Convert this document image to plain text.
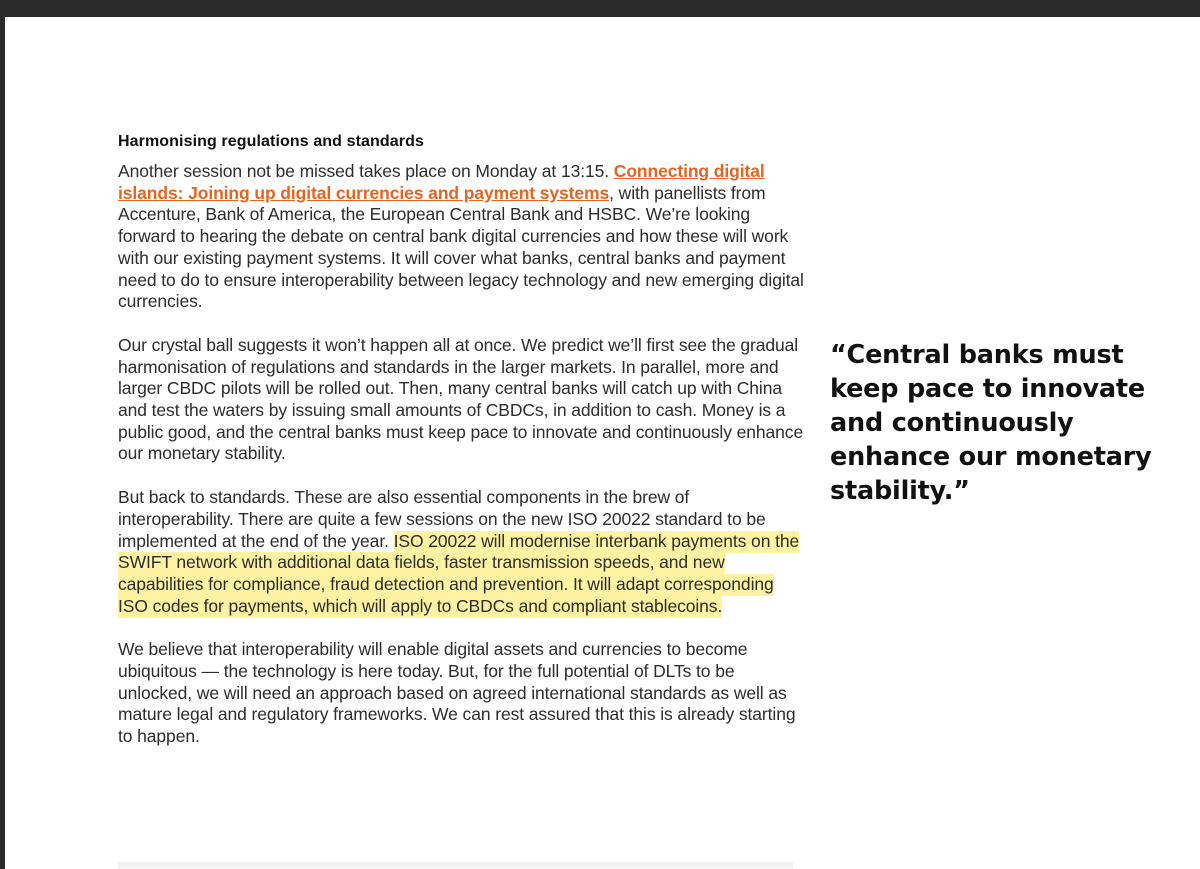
Harmonising regulations and standards

Another session not be missed takes place on Monday at 13:15. Connecting digital islands: Joining up digital currencies and payment systems, with panellists from Accenture, Bank of America, the European Central Bank and HSBC. We’re looking forward to hearing the debate on central bank digital currencies and how these will work with our existing payment systems. It will cover what banks, central banks and payment need to do to ensure interoperability between legacy technology and new emerging digital currencies.

Our crystal ball suggests it won’t happen all at once. We predict we’ll first see the gradual harmonisation of regulations and standards in the larger markets. In parallel, more and larger CBDC pilots will be rolled out. Then, many central banks will catch up with China and test the waters by issuing small amounts of CBDCs, in addition to cash. Money is a public good, and the central banks must keep pace to innovate and continuously enhance our monetary stability.

But back to standards. These are also essential components in the brew of interoperability. There are quite a few sessions on the new ISO 20022 standard to be implemented at the end of the year. ISO 20022 will modernise interbank payments on the SWIFT network with additional data fields, faster transmission speeds, and new capabilities for compliance, fraud detection and prevention. It will adapt corresponding ISO codes for payments, which will apply to CBDCs and compliant stablecoins.

We believe that interoperability will enable digital assets and currencies to become ubiquitous — the technology is here today. But, for the full potential of DLTs to be unlocked, we will need an approach based on agreed international standards as well as mature legal and regulatory frameworks. We can rest assured that this is already starting to happen.

“Central banks must keep pace to innovate and continuously enhance our monetary stability.”
